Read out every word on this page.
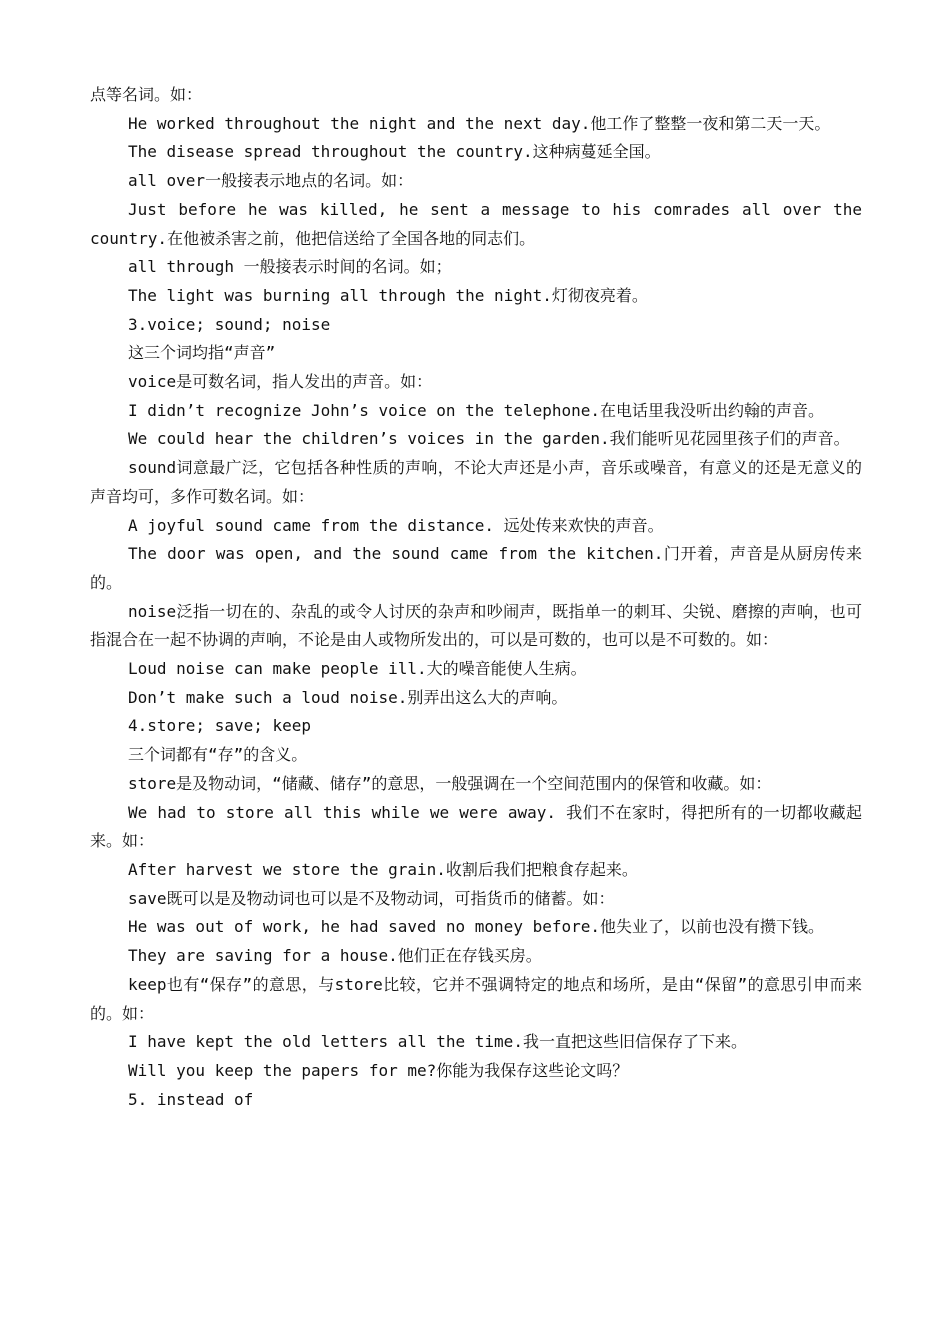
点等名词。如：

He worked throughout the night and the next day.他工作了整整一夜和第二天一天。

The disease spread throughout the country.这种病蔓延全国。

all over一般接表示地点的名词。如：

Just before he was killed, he sent a message to his comrades all over the country.在他被杀害之前，他把信送给了全国各地的同志们。

all through 一般接表示时间的名词。如；

The light was burning all through the night.灯彻夜亮着。

3.voice; sound; noise

这三个词均指“声音”

voice是可数名词，指人发出的声音。如：

I didn’t recognize John’s voice on the telephone.在电话里我没听出约翰的声音。

We could hear the children’s voices in the garden.我们能听见花园里孩子们的声音。

sound词意最广泛，它包括各种性质的声响，不论大声还是小声，音乐或噪音，有意义的还是无意义的声音均可，多作可数名词。如：

A joyful sound came from the distance. 远处传来欢快的声音。

The door was open, and the sound came from the kitchen.门开着，声音是从厨房传来的。

noise泛指一切在的、杂乱的或令人讨厌的杂声和吵闹声，既指单一的刺耳、尖锐、磨擦的声响，也可指混合在一起不协调的声响，不论是由人或物所发出的，可以是可数的，也可以是不可数的。如：

Loud noise can make people ill.大的噪音能使人生病。

Don’t make such a loud noise.别弄出这么大的声响。

4.store; save; keep

三个词都有“存”的含义。

store是及物动词，“储藏、储存”的意思，一般强调在一个空间范围内的保管和收藏。如：

We had to store all this while we were away. 我们不在家时，得把所有的一切都收藏起来。如：

After harvest we store the grain.收割后我们把粮食存起来。

save既可以是及物动词也可以是不及物动词，可指货币的储蓄。如：

He was out of work, he had saved no money before.他失业了，以前也没有攒下钱。

They are saving for a house.他们正在存钱买房。

keep也有“保存”的意思，与store比较，它并不强调特定的地点和场所，是由“保留”的意思引申而来的。如：

I have kept the old letters all the time.我一直把这些旧信保存了下来。

Will you keep the papers for me?你能为我保存这些论文吗？

5. instead of
